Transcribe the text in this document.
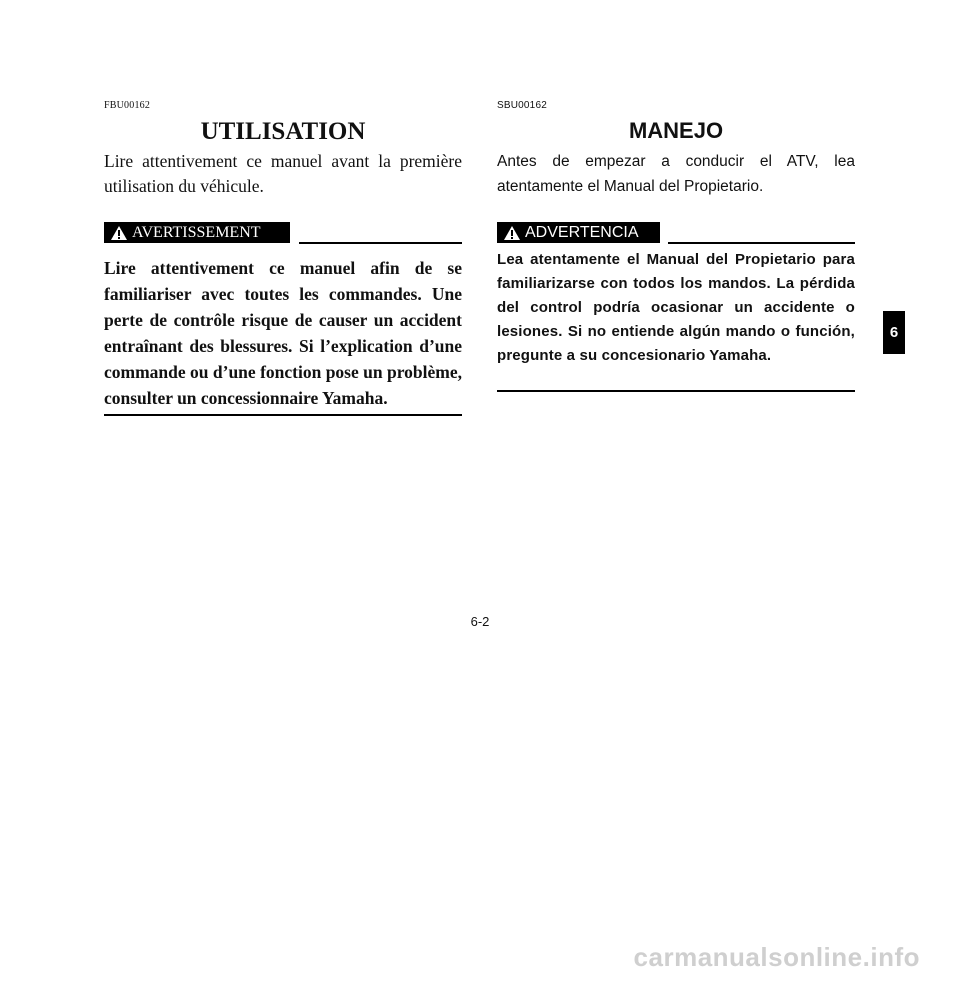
FBU00162
UTILISATION

Lire attentivement ce manuel avant la première utilisation du véhicule.

AVERTISSEMENT

Lire attentivement ce manuel afin de se familiariser avec toutes les commandes. Une perte de contrôle risque de causer un accident entraînant des blessures. Si l’explication d’une commande ou d’une fonction pose un problème, consulter un concessionnaire Yamaha.

SBU00162
MANEJO

Antes de empezar a conducir el ATV, lea atentamente el Manual del Propietario.

ADVERTENCIA

Lea atentamente el Manual del Propietario para familiarizarse con todos los mandos. La pérdida del control podría ocasionar un accidente o lesiones. Si no entiende algún mando o función, pregunte a su concesionario Yamaha.

6-2
6
carmanualsonline.info
